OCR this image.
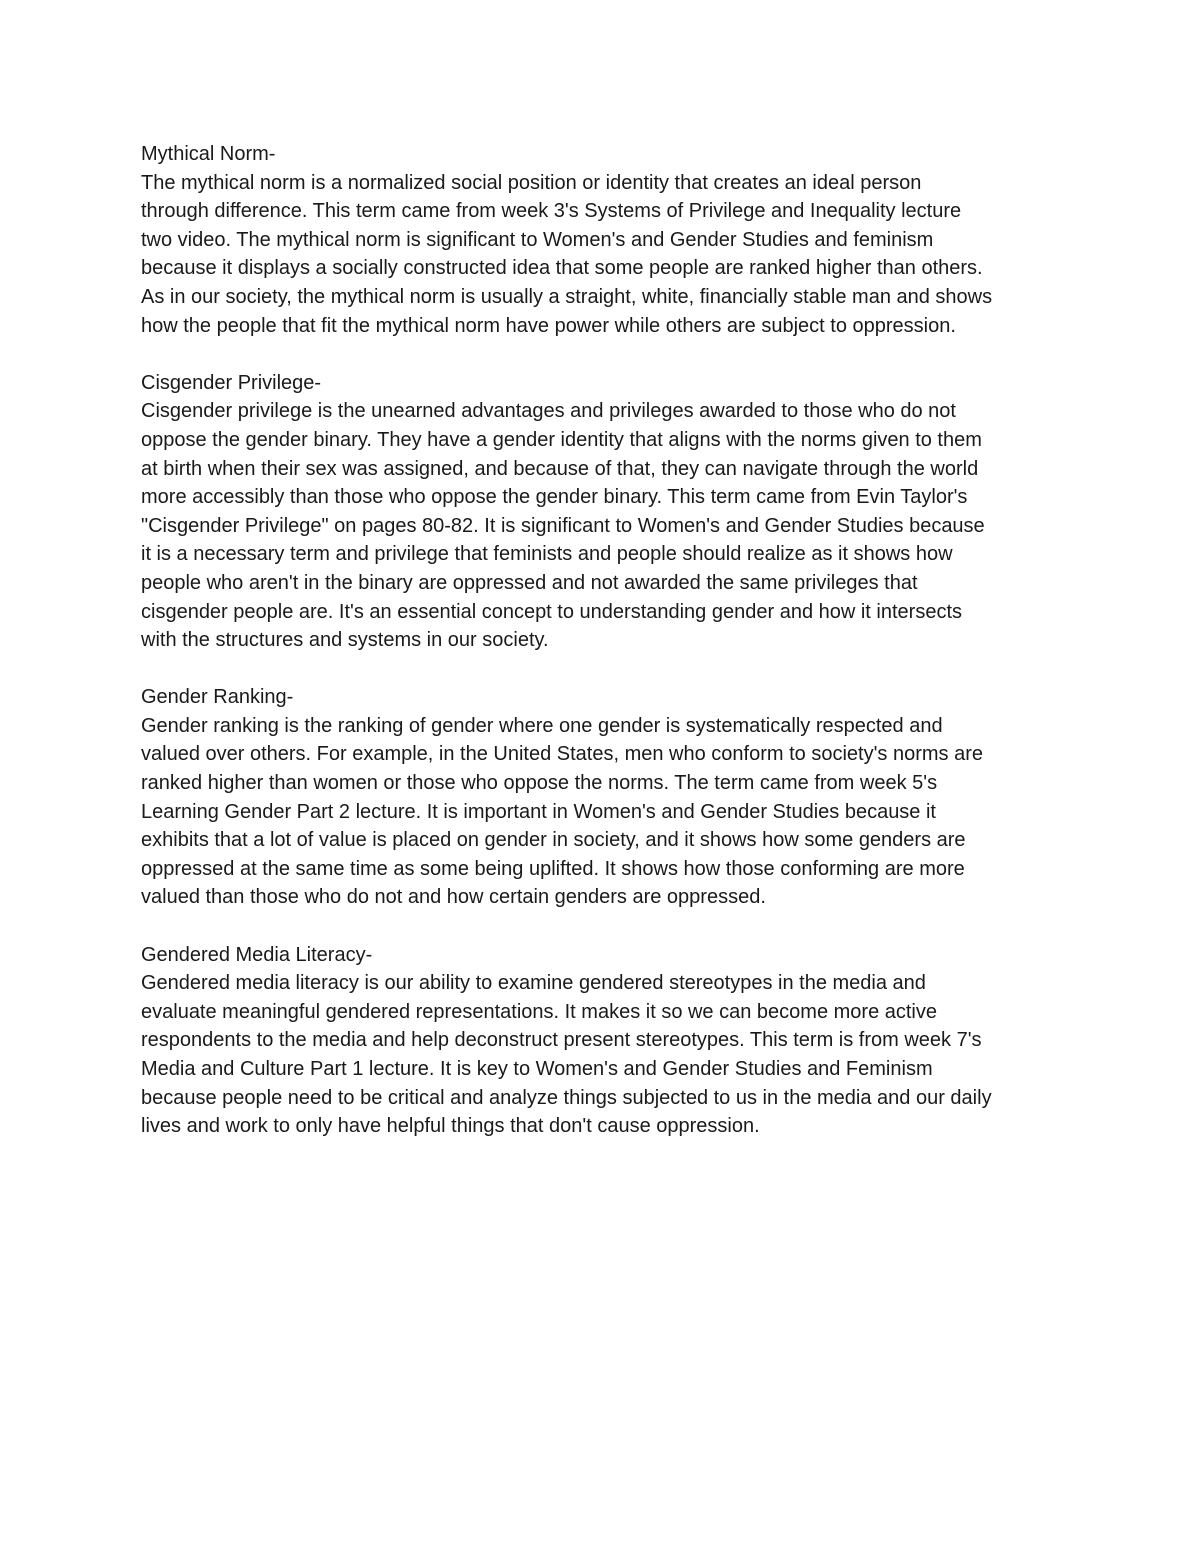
Mythical Norm-
The mythical norm is a normalized social position or identity that creates an ideal person
through difference. This term came from week 3's Systems of Privilege and Inequality lecture
two video. The mythical norm is significant to Women's and Gender Studies and feminism
because it displays a socially constructed idea that some people are ranked higher than others.
As in our society, the mythical norm is usually a straight, white, financially stable man and shows
how the people that fit the mythical norm have power while others are subject to oppression.
Cisgender Privilege-
Cisgender privilege is the unearned advantages and privileges awarded to those who do not
oppose the gender binary. They have a gender identity that aligns with the norms given to them
at birth when their sex was assigned, and because of that, they can navigate through the world
more accessibly than those who oppose the gender binary. This term came from Evin Taylor's
"Cisgender Privilege" on pages 80-82. It is significant to Women's and Gender Studies because
it is a necessary term and privilege that feminists and people should realize as it shows how
people who aren't in the binary are oppressed and not awarded the same privileges that
cisgender people are. It's an essential concept to understanding gender and how it intersects
with the structures and systems in our society.
Gender Ranking-
Gender ranking is the ranking of gender where one gender is systematically respected and
valued over others. For example, in the United States, men who conform to society's norms are
ranked higher than women or those who oppose the norms. The term came from week 5's
Learning Gender Part 2 lecture. It is important in Women's and Gender Studies because it
exhibits that a lot of value is placed on gender in society, and it shows how some genders are
oppressed at the same time as some being uplifted. It shows how those conforming are more
valued than those who do not and how certain genders are oppressed.
Gendered Media Literacy-
Gendered media literacy is our ability to examine gendered stereotypes in the media and
evaluate meaningful gendered representations. It makes it so we can become more active
respondents to the media and help deconstruct present stereotypes. This term is from week 7's
Media and Culture Part 1 lecture. It is key to Women's and Gender Studies and Feminism
because people need to be critical and analyze things subjected to us in the media and our daily
lives and work to only have helpful things that don't cause oppression.
